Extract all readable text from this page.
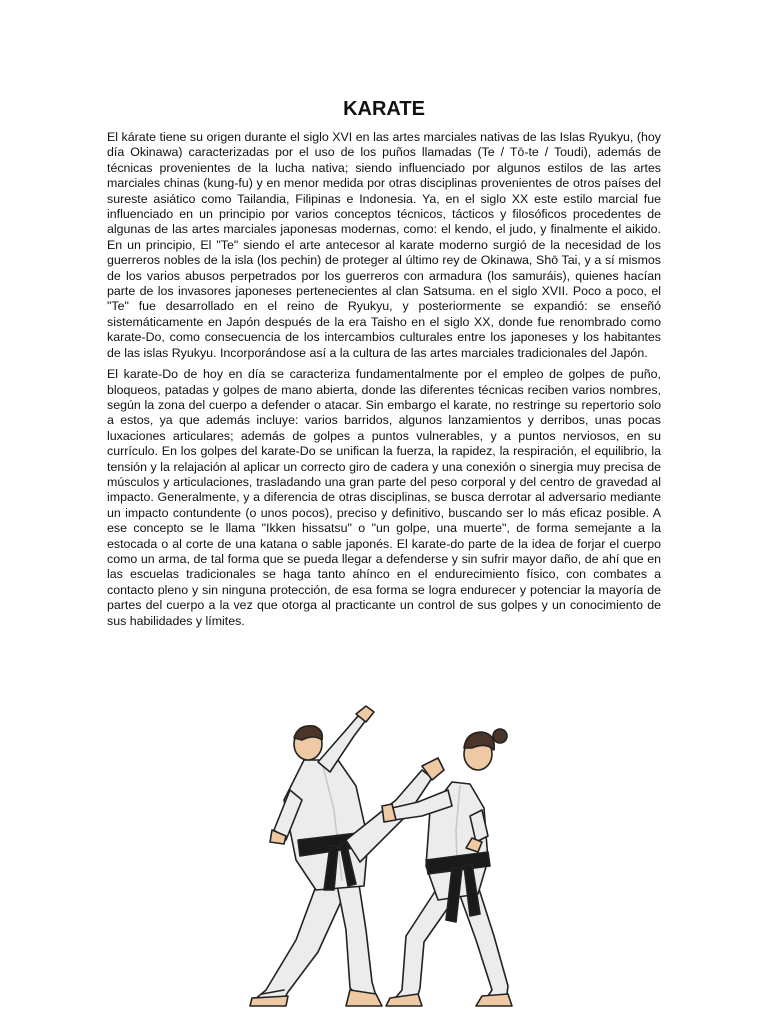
KARATE

El kárate tiene su origen durante el siglo XVI en las artes marciales nativas de las Islas Ryukyu, (hoy día Okinawa) caracterizadas por el uso de los puños llamadas (Te / Tō-te / Toudi), además de técnicas provenientes de la lucha nativa; siendo influenciado por algunos estilos de las artes marciales chinas (kung-fu) y en menor medida por otras disciplinas provenientes de otros países del sureste asiático como Tailandia, Filipinas e Indonesia. Ya, en el siglo XX este estilo marcial fue influenciado en un principio por varios conceptos técnicos, tácticos y filosóficos procedentes de algunas de las artes marciales japonesas modernas, como: el kendo, el judo, y finalmente el aikido. En un principio, El "Te" siendo el arte antecesor al karate moderno surgió de la necesidad de los guerreros nobles de la isla (los pechin) de proteger al último rey de Okinawa, Shō Tai, y a sí mismos de los varios abusos perpetrados por los guerreros con armadura (los samuráis), quienes hacían parte de los invasores japoneses pertenecientes al clan Satsuma. en el siglo XVII. Poco a poco, el "Te" fue desarrollado en el reino de Ryukyu, y posteriormente se expandió: se enseñó sistemáticamente en Japón después de la era Taisho en el siglo XX, donde fue renombrado como karate-Do, como consecuencia de los intercambios culturales entre los japoneses y los habitantes de las islas Ryukyu. Incorporándose así a la cultura de las artes marciales tradicionales del Japón.

El karate-Do de hoy en día se caracteriza fundamentalmente por el empleo de golpes de puño, bloqueos, patadas y golpes de mano abierta, donde las diferentes técnicas reciben varios nombres, según la zona del cuerpo a defender o atacar. Sin embargo el karate, no restringe su repertorio solo a estos, ya que además incluye: varios barridos, algunos lanzamientos y derribos, unas pocas luxaciones articulares; además de golpes a puntos vulnerables, y a puntos nerviosos, en su currículo. En los golpes del karate-Do se unifican la fuerza, la rapidez, la respiración, el equilibrio, la tensión y la relajación al aplicar un correcto giro de cadera y una conexión o sinergia muy precisa de músculos y articulaciones, trasladando una gran parte del peso corporal y del centro de gravedad al impacto. Generalmente, y a diferencia de otras disciplinas, se busca derrotar al adversario mediante un impacto contundente (o unos pocos), preciso y definitivo, buscando ser lo más eficaz posible. A ese concepto se le llama "Ikken hissatsu" o "un golpe, una muerte", de forma semejante a la estocada o al corte de una katana o sable japonés. El karate-do parte de la idea de forjar el cuerpo como un arma, de tal forma que se pueda llegar a defenderse y sin sufrir mayor daño, de ahí que en las escuelas tradicionales se haga tanto ahínco en el endurecimiento físico, con combates a contacto pleno y sin ninguna protección, de esa forma se logra endurecer y potenciar la mayoría de partes del cuerpo a la vez que otorga al practicante un control de sus golpes y un conocimiento de sus habilidades y límites.
